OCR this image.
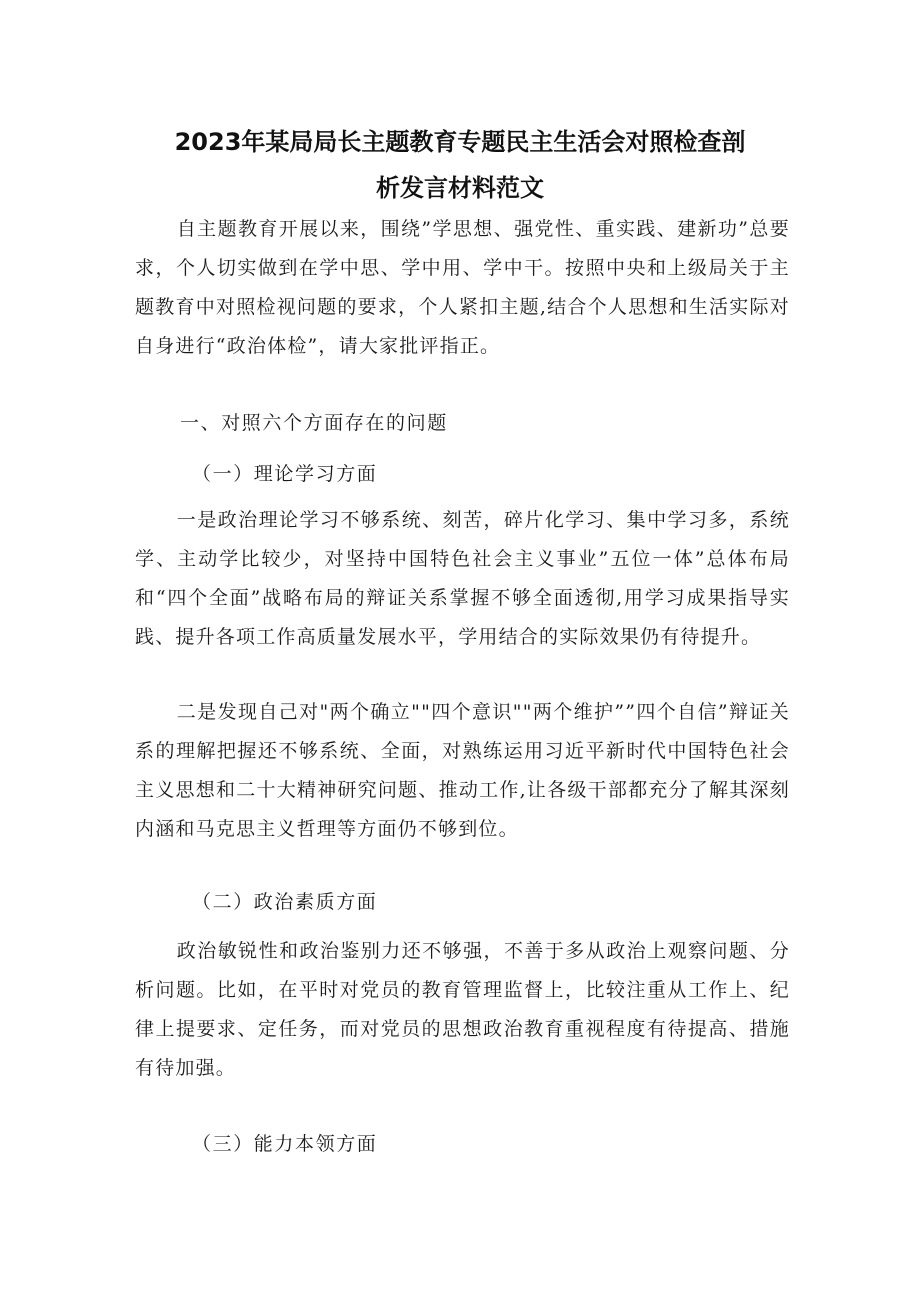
2023年某局局长主题教育专题民主生活会对照检查剖
析发言材料范文

自主题教育开展以来，围绕”学思想、强党性、重实践、建新功”总要求，个人切实做到在学中思、学中用、学中干。按照中央和上级局关于主题教育中对照检视问题的要求，个人紧扣主题,结合个人思想和生活实际对自身进行“政治体检”，请大家批评指正。

一、对照六个方面存在的问题

（一）理论学习方面

一是政治理论学习不够系统、刻苦，碎片化学习、集中学习多，系统学、主动学比较少，对坚持中国特色社会主义事业”五位一体”总体布局和“四个全面”战略布局的辩证关系掌握不够全面透彻,用学习成果指导实践、提升各项工作高质量发展水平，学用结合的实际效果仍有待提升。

二是发现自己对"两个确立""四个意识""两个维护””四个自信”辩证关系的理解把握还不够系统、全面，对熟练运用习近平新时代中国特色社会主义思想和二十大精神研究问题、推动工作,让各级干部都充分了解其深刻内涵和马克思主义哲理等方面仍不够到位。

（二）政治素质方面

政治敏锐性和政治鉴别力还不够强，不善于多从政治上观察问题、分析问题。比如，在平时对党员的教育管理监督上，比较注重从工作上、纪律上提要求、定任务，而对党员的思想政治教育重视程度有待提高、措施有待加强。

（三）能力本领方面
